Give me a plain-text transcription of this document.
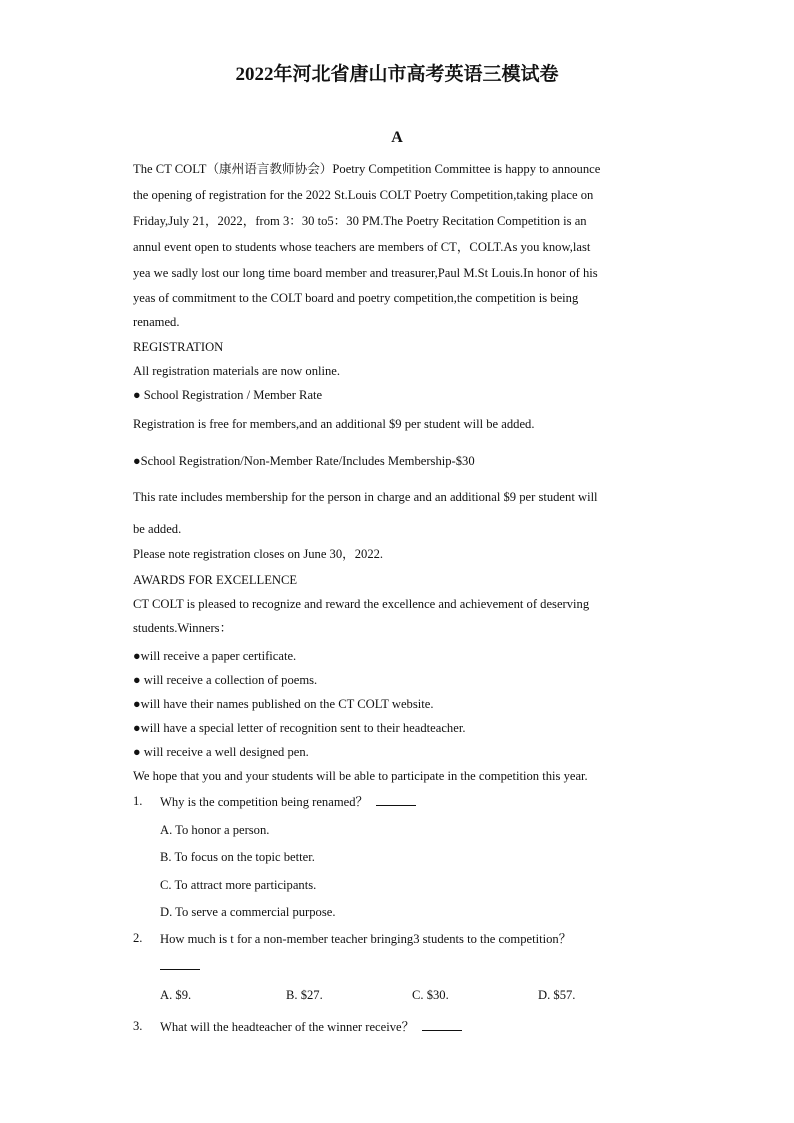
2022年河北省唐山市高考英语三模试卷
A
The CT COLT（康州语言教师协会）Poetry Competition Committee is happy to announce
the opening of registration for the 2022 St.Louis COLT Poetry Competition,taking place on
Friday,July 21，2022，from 3：30 to5：30 PM.The Poetry Recitation Competition is an
annul event open to students whose teachers are members of CT，COLT.As you know,last
yea we sadly lost our long time board member and treasurer,Paul M.St Louis.In honor of his
yeas of commitment to the COLT board and poetry competition,the competition is being
renamed.
REGISTRATION
All registration materials are now online.
● School Registration / Member Rate
Registration is free for members,and an additional $9 per student will be added.
●School Registration/Non-Member Rate/Includes Membership-$30
This rate includes membership for the person in charge and an additional $9 per student will
be added.
Please note registration closes on June 30，2022.
AWARDS FOR EXCELLENCE
CT COLT is pleased to recognize and reward the excellence and achievement of deserving
students.Winners：
●will receive a paper certificate.
● will receive a collection of poems.
●will have their names published on the CT COLT website.
●will have a special letter of recognition sent to their headteacher.
● will receive a well designed pen.
We hope that you and your students will be able to participate in the competition this year.
1. Why is the competition being renamed？
A. To honor a person.
B. To focus on the topic better.
C. To attract more participants.
D. To serve a commercial purpose.
2. How much is t for a non-member teacher bringing3 students to the competition？
A. $9.	B. $27.	C. $30.	D. $57.
3. What will the headteacher of the winner receive？
